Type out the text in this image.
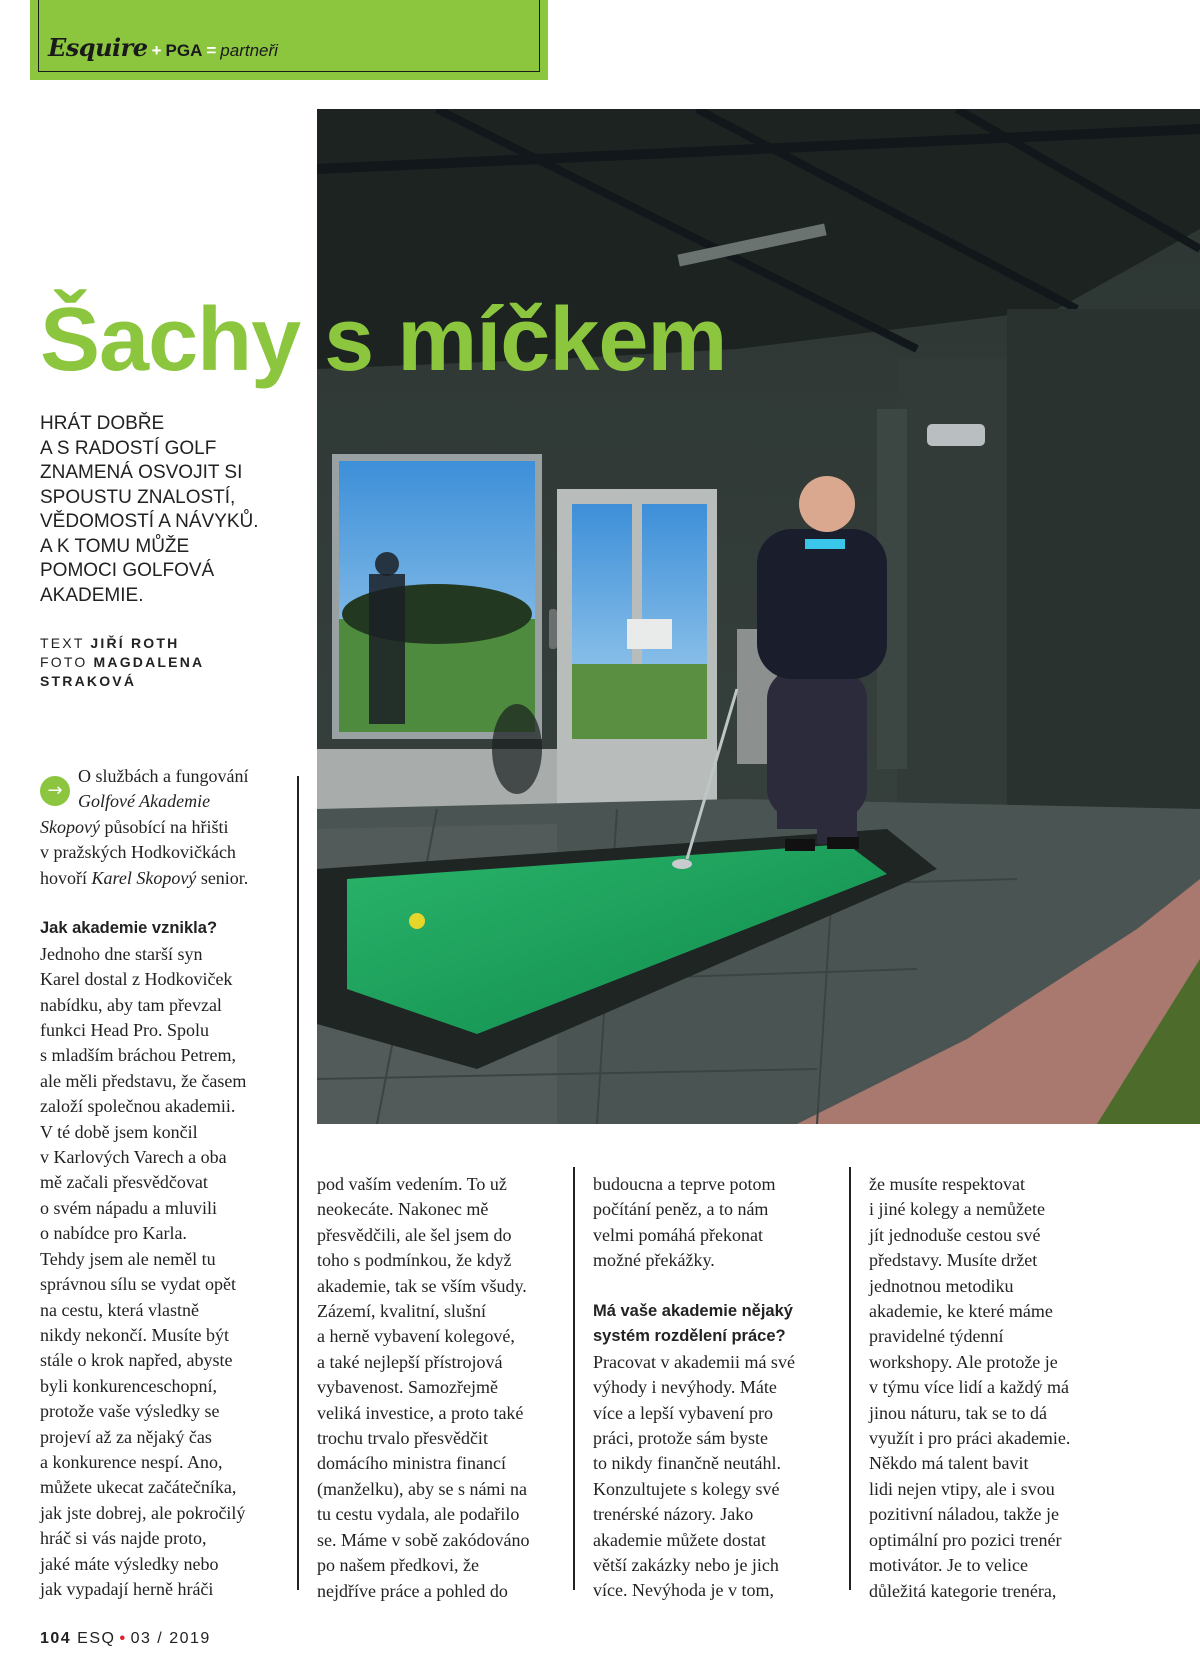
Esquire + PGA = partneři
Šachy s míčkem
HRÁT DOBŘE
A S RADOSTÍ GOLF
ZNAMENÁ OSVOJIT SI
SPOUSTU ZNALOSTÍ,
VĚDOMOSTÍ A NÁVYKŮ.
A K TOMU MŮŽE
POMOCI GOLFOVÁ
AKADEMIE.
TEXT JIŘÍ ROTH
FOTO MAGDALENA
STRAKOVÁ
→
O službách a fungování
Golfové Akademie
Skopový působící na hřišti
v pražských Hodkovičkách
hovoří Karel Skopový senior.
Jak akademie vznikla?
Jednoho dne starší syn
Karel dostal z Hodkoviček
nabídku, aby tam převzal
funkci Head Pro. Spolu
s mladším bráchou Petrem,
ale měli představu, že časem
založí společnou akademii.
V té době jsem končil
v Karlových Varech a oba
mě začali přesvědčovat
o svém nápadu a mluvili
o nabídce pro Karla.
Tehdy jsem ale neměl tu
správnou sílu se vydat opět
na cestu, která vlastně
nikdy nekončí. Musíte být
stále o krok napřed, abyste
byli konkurenceschopní,
protože vaše výsledky se
projeví až za nějaký čas
a konkurence nespí. Ano,
můžete ukecat začátečníka,
jak jste dobrej, ale pokročilý
hráč si vás najde proto,
jaké máte výsledky nebo
jak vypadají herně hráči
pod vaším vedením. To už
neokecáte. Nakonec mě
přesvědčili, ale šel jsem do
toho s podmínkou, že když
akademie, tak se vším všudy.
Zázemí, kvalitní, slušní
a herně vybavení kolegové,
a také nejlepší přístrojová
vybavenost. Samozřejmě
veliká investice, a proto také
trochu trvalo přesvědčit
domácího ministra financí
(manželku), aby se s námi na
tu cestu vydala, ale podařilo
se. Máme v sobě zakódováno
po našem předkovi, že
nejdříve práce a pohled do
budoucna a teprve potom
počítání peněz, a to nám
velmi pomáhá překonat
možné překážky.
Má vaše akademie nějaký
systém rozdělení práce?
Pracovat v akademii má své
výhody i nevýhody. Máte
více a lepší vybavení pro
práci, protože sám byste
to nikdy finančně neutáhl.
Konzultujete s kolegy své
trenérské názory. Jako
akademie můžete dostat
větší zakázky nebo je jich
více. Nevýhoda je v tom,
že musíte respektovat
i jiné kolegy a nemůžete
jít jednoduše cestou své
představy. Musíte držet
jednotnou metodiku
akademie, ke které máme
pravidelné týdenní
workshopy. Ale protože je
v týmu více lidí a každý má
jinou náturu, tak se to dá
využít i pro práci akademie.
Někdo má talent bavit
lidi nejen vtipy, ale i svou
pozitivní náladou, takže je
optimální pro pozici trenér
motivátor. Je to velice
důležitá kategorie trenéra,
104 ESQ • 03 / 2019
